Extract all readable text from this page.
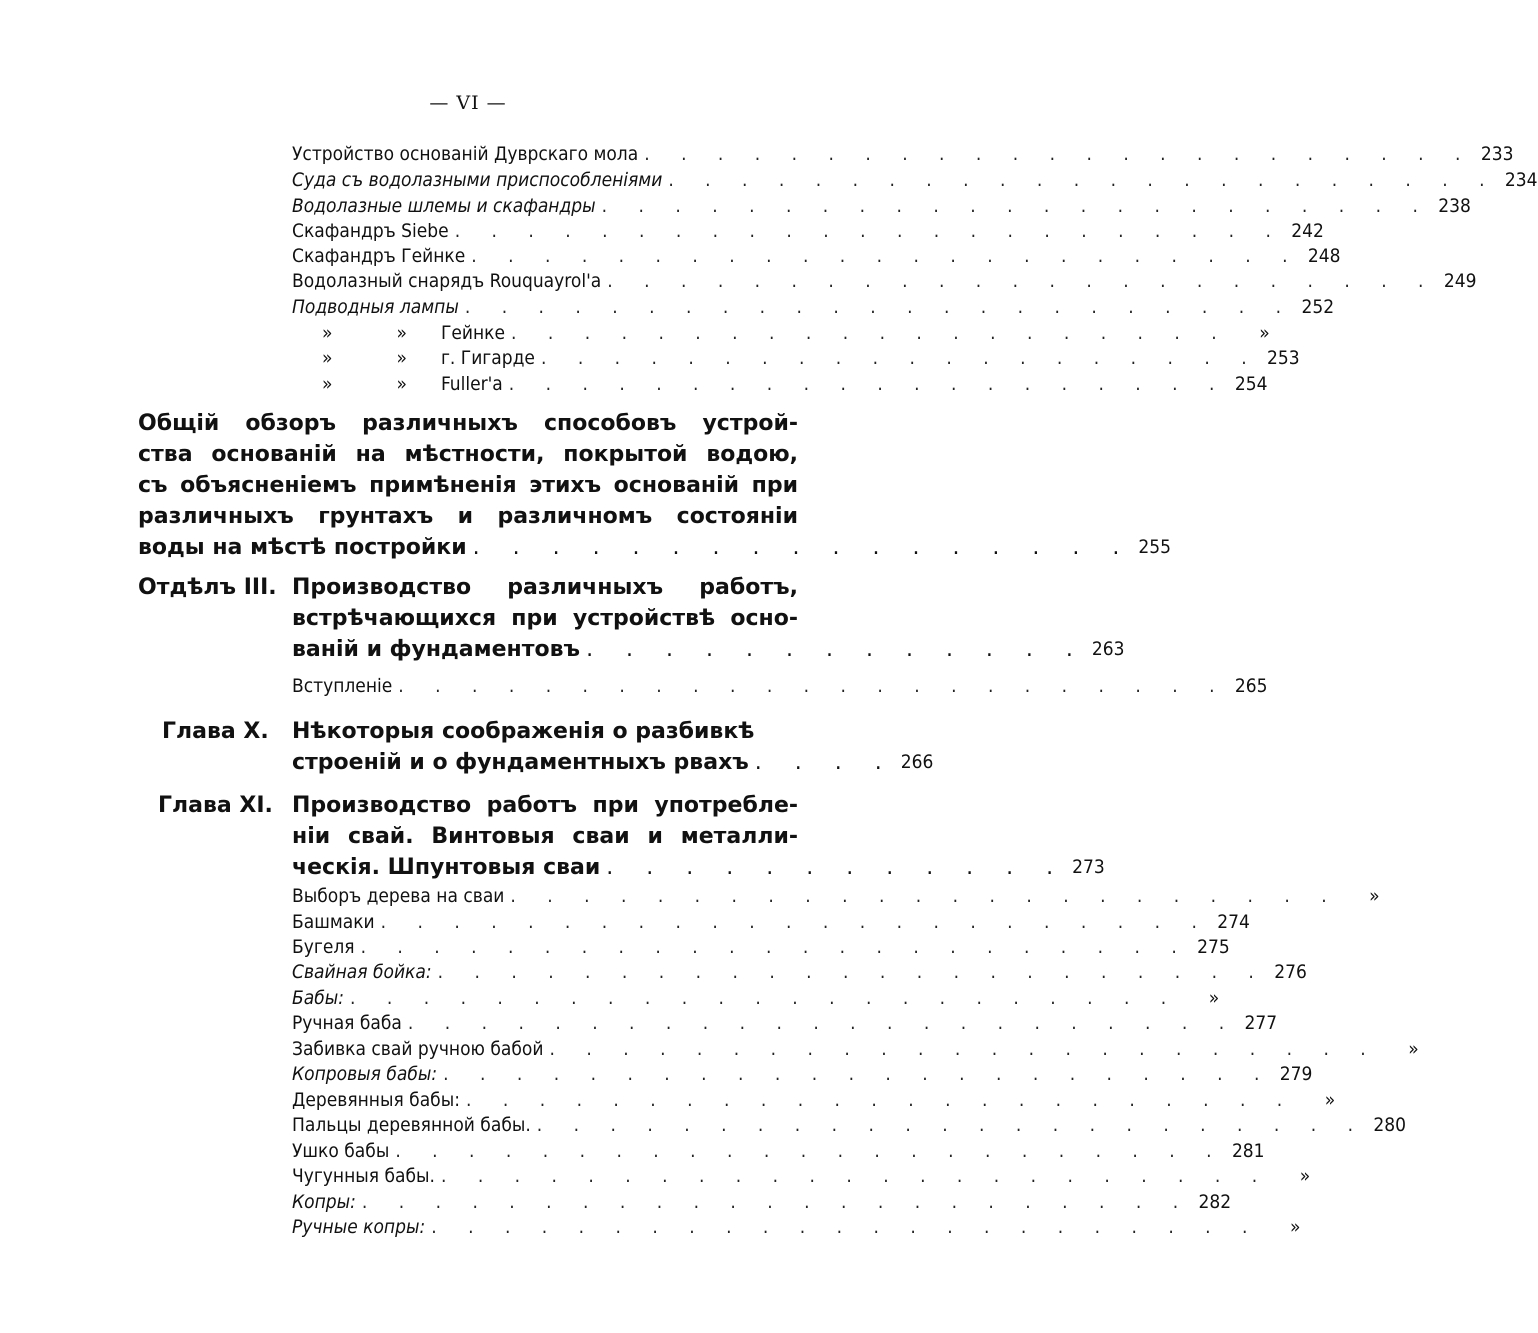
— VI —
Устройство основаній Дуврскаго мола . . . . . . . . . . . . . . . . . . . . . . . 233
Суда съ водолазными приспособленіями . . . . . . . . . . . . . . . . . . . . . . . 234
Водолазные шлемы и скафандры . . . . . . . . . . . . . . . . . . . . . . . 238
Скафандръ Siebe . . . . . . . . . . . . . . . . . . . . . . . 242
Скафандръ Гейнке . . . . . . . . . . . . . . . . . . . . . . . 248
Водолазный снарядъ Rouquayrol'a . . . . . . . . . . . . . . . . . . . . . . . 249
Подводныя лампы . . . . . . . . . . . . . . . . . . . . . . . 252
»	» Гейнке . . . . . . . . . . . . . . . . . . . .	»
»	» г. Гигарде . . . . . . . . . . . . . . . . . . . . 253
»	» Fuller'a . . . . . . . . . . . . . . . . . . . . 254
Общій обзоръ различныхъ способовъ устрой-
ства основаній на мѣстности, покрытой водою,
съ объясненіемъ примѣненія этихъ основаній при
различныхъ грунтахъ и различномъ состояніи
воды на мѣстѣ постройки . . . . . . . . . . . . . . . . . 255
Отдѣлъ III. Производство различныхъ работъ,
встрѣчающихся при устройствѣ осно-
ваній и фундаментовъ . . . . . . . . . . . . . 263
Вступленіе . . . . . . . . . . . . . . . . . . . . . . . 265
Глава X. Нѣкоторыя соображенія о разбивкѣ
строеній и о фундаментныхъ рвахъ . . . . 266
Глава XI. Производство работъ при употребле-
ніи свай. Винтовыя сваи и металли-
ческія. Шпунтовыя сваи . . . . . . . . . . . . 273
Выборъ дерева на сваи . . . . . . . . . . . . . . . . . . . . . . .	»
Башмаки . . . . . . . . . . . . . . . . . . . . . . . 274
Бугеля . . . . . . . . . . . . . . . . . . . . . . . 275
Свайная бойка: . . . . . . . . . . . . . . . . . . . . . . . 276
Бабы: . . . . . . . . . . . . . . . . . . . . . . .	»
Ручная баба . . . . . . . . . . . . . . . . . . . . . . . 277
Забивка свай ручною бабой . . . . . . . . . . . . . . . . . . . . . . .	»
Копровыя бабы: . . . . . . . . . . . . . . . . . . . . . . . 279
Деревянныя бабы: . . . . . . . . . . . . . . . . . . . . . . .	»
Пальцы деревянной бабы. . . . . . . . . . . . . . . . . . . . . . . . 280
Ушко бабы . . . . . . . . . . . . . . . . . . . . . . . 281
Чугунныя бабы. . . . . . . . . . . . . . . . . . . . . . . .	»
Копры: . . . . . . . . . . . . . . . . . . . . . . . 282
Ручные копры: . . . . . . . . . . . . . . . . . . . . . . .	»
